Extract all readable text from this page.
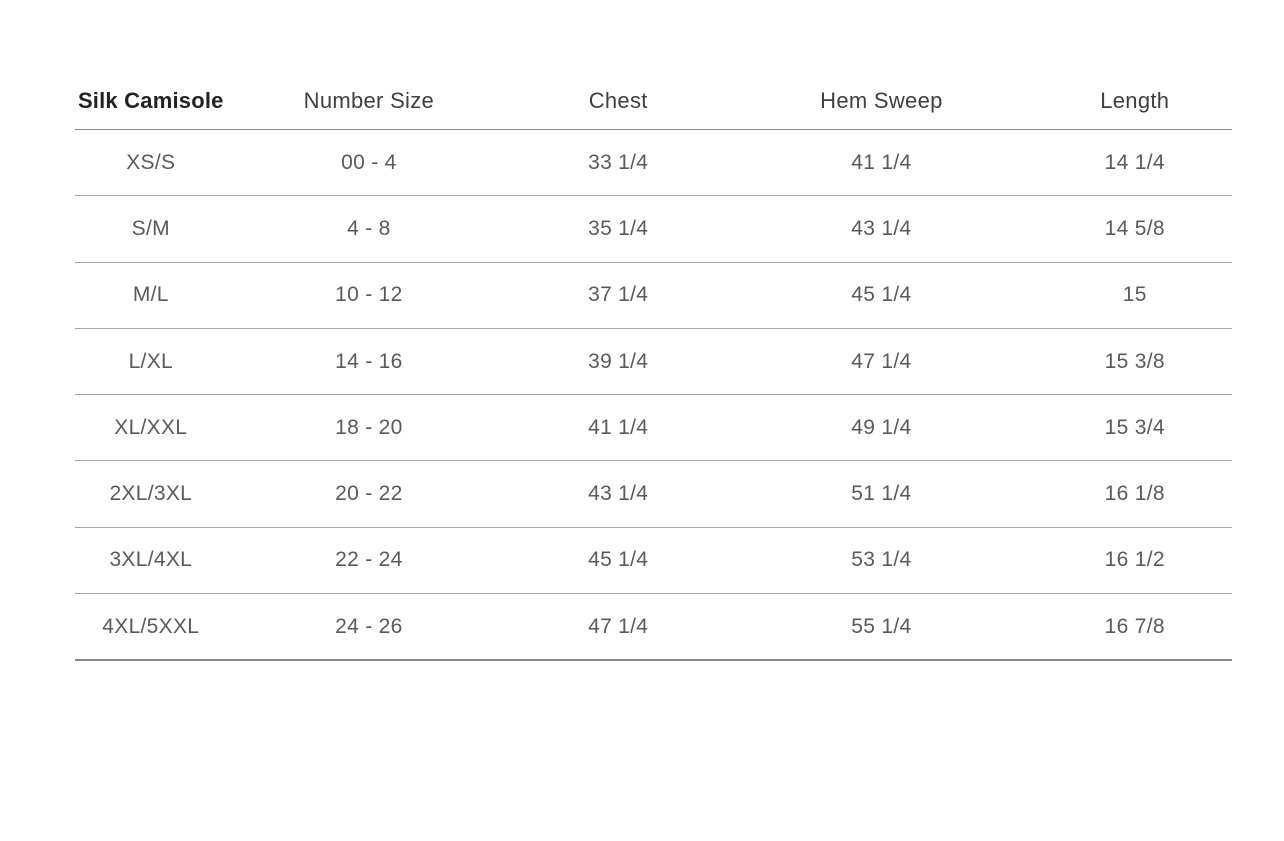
Silk Camisole	Number Size	Chest	Hem Sweep	Length
XS/S	00 - 4	33 1/4	41 1/4	14 1/4
S/M	4 - 8	35 1/4	43 1/4	14 5/8
M/L	10 - 12	37 1/4	45 1/4	15
L/XL	14 - 16	39 1/4	47 1/4	15 3/8
XL/XXL	18 - 20	41 1/4	49 1/4	15 3/4
2XL/3XL	20 - 22	43 1/4	51 1/4	16 1/8
3XL/4XL	22 - 24	45 1/4	53 1/4	16 1/2
4XL/5XXL	24 - 26	47 1/4	55 1/4	16 7/8
